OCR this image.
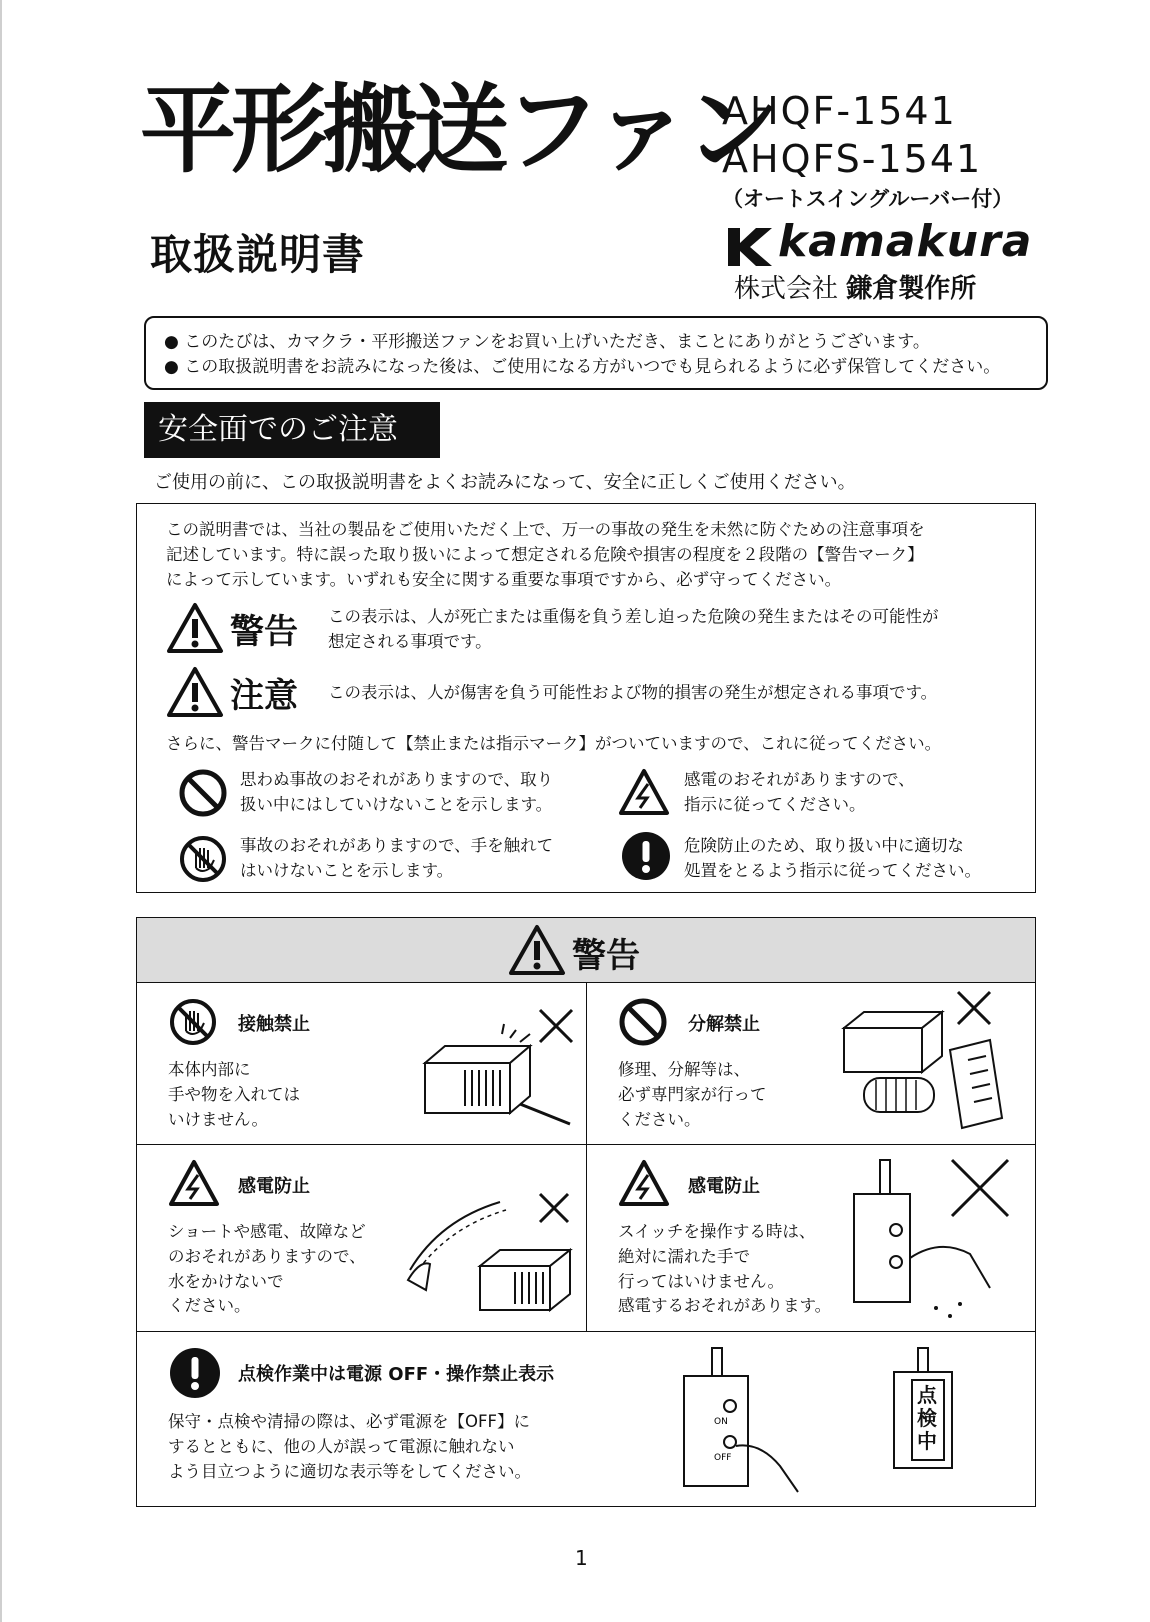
平形搬送ファン
取扱説明書
AHQF-1541
AHQFS-1541
（オートスイングルーバー付）
kamakura
株式会社 鎌倉製作所
● このたびは、カマクラ・平形搬送ファンをお買い上げいただき、まことにありがとうございます。
● この取扱説明書をお読みになった後は、ご使用になる方がいつでも見られるように必ず保管してください。
安全面でのご注意
ご使用の前に、この取扱説明書をよくお読みになって、安全に正しくご使用ください。
この説明書では、当社の製品をご使用いただく上で、万一の事故の発生を未然に防ぐための注意事項を
記述しています。特に誤った取り扱いによって想定される危険や損害の程度を２段階の【警告マーク】
によって示しています。いずれも安全に関する重要な事項ですから、必ず守ってください。
警告 この表示は、人が死亡または重傷を負う差し迫った危険の発生またはその可能性が
想定される事項です。
注意 この表示は、人が傷害を負う可能性および物的損害の発生が想定される事項です。
さらに、警告マークに付随して【禁止または指示マーク】がついていますので、これに従ってください。
思わぬ事故のおそれがありますので、取り
扱い中にはしていけないことを示します。
感電のおそれがありますので、
指示に従ってください。
事故のおそれがありますので、手を触れて
はいけないことを示します。
危険防止のため、取り扱い中に適切な
処置をとるよう指示に従ってください。
警告
接触禁止
本体内部に
手や物を入れては
いけません。
分解禁止
修理、分解等は、
必ず専門家が行って
ください。
感電防止
ショートや感電、故障など
のおそれがありますので、
水をかけないで
ください。
感電防止
スイッチを操作する時は、
絶対に濡れた手で
行ってはいけません。
感電するおそれがあります。
点検作業中は電源 OFF・操作禁止表示
保守・点検や清掃の際は、必ず電源を【OFF】に
するとともに、他の人が誤って電源に触れない
よう目立つように適切な表示等をしてください。
ON
OFF
点検中
1
